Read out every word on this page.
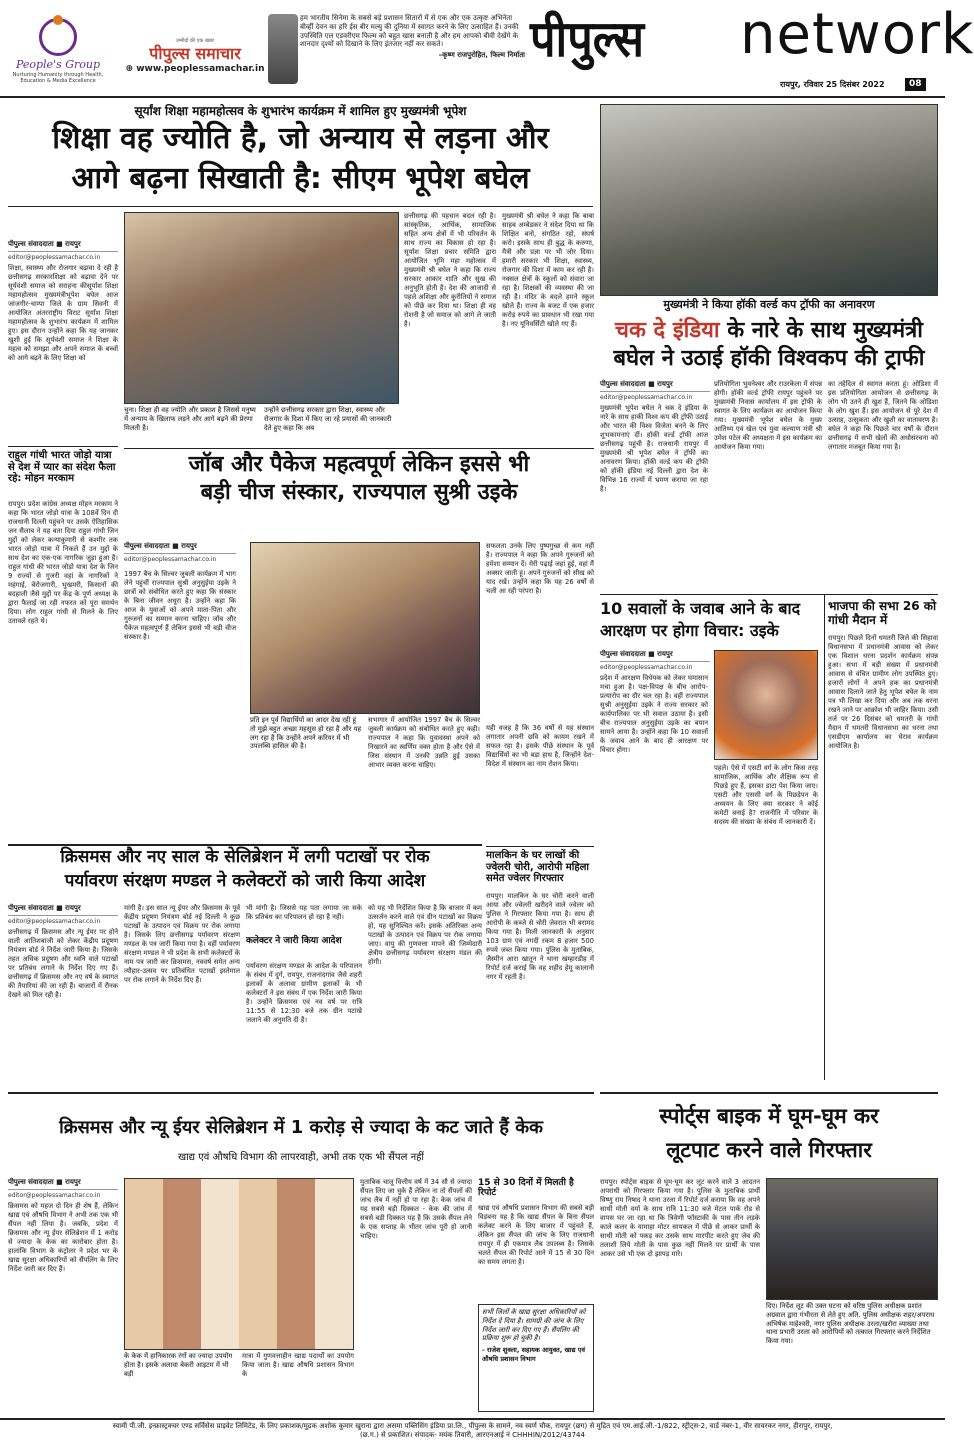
People's Group
Nurturing Humanity through Health, Education & Media Excellence
उम्मीदों की एक खबर
पीपुल्स समाचार
⊕ www.peoplessamachar.in
हम भारतीय सिनेमा के सबसे बड़े प्रशासन सितारों में से एक और एक उत्कृष्ट अभिनेता बीर्व्ही देवन का हरि ईस बीर मल्यु की दुनिया में स्वागत करने के लिए उत्साहित हैं। उनकी उपस्थिति एल एडवरीएम फिल्म को बहुत खास बनाती है और हम आपको बीवी देखेंगे के शानदार दृश्यों को दिखाने के लिए इंतजार नहीं कर सकते।
–कृष्ण राजपुरोहित, फिल्म निर्माता पीपुल्स network
रायपुर, रविवार 25 दिसंबर 2022	08
सूर्यांश शिक्षा महामहोत्सव के शुभारंभ कार्यक्रम में शामिल हुए मुख्यमंत्री भूपेश
शिक्षा वह ज्योति है, जो अन्याय से लड़ना और
आगे बढ़ना सिखाती है: सीएम भूपेश बघेल
पीपुल्स संवाददाता ■ रायपुर
editor@peoplessamachar.co.in
शिक्षा, स्वास्थ्य और रोजगार बढ़ावा दे रही है छत्तीसगढ़ सरकारशिक्षा को बढ़ावा देने पर सूर्यवंशी समाज को सराहना कीसूर्यांश शिक्षा महामहोत्सव मुख्यमंत्रीभूपेश बघेल आज जांजगीर-चाम्पा जिले के ग्राम सिवनी में आयोजित अंतरराष्ट्रीय विराट सूर्यांश शिक्षा महामहोत्सव के शुभारंभ कार्यक्रम में शामिल हुए। इस दौरान उन्होंने कहा कि यह जानकर खुशी हुई कि सूर्यवंशी समाज ने शिक्षा के महत्व को समझा और अपने समाज के बच्चों को आगे बढ़ने के लिए शिक्षा को
चुना। शिक्षा ही वह ज्योति और प्रकाश है जिससे मनुष्य में अन्याय के खिलाफ लड़ने और आगे बढ़ने की प्रेरणा मिलती है।
उन्होंने छत्तीसगढ़ सरकार द्वारा शिक्षा, स्वास्थ्य और रोजगार के दिशा में किए जा रहे प्रयासों की जानकारी देते हुए कहा कि अब
छत्तीसगढ़ की पहचान बदल रही है। सांस्कृतिक, आर्थिक, सामाजिक सहित अन्य क्षेत्रों में भी परिवर्तन के साथ राज्य का विकास हो रहा है। सूर्यांश शिक्षा प्रचार समिति द्वारा आयोजित भूमि महा महोत्सव में मुख्यमंत्री श्री बघेल ने कहा कि राज्य सरकार आकार शाति और सुख की अनुभूति होती है। देश की आजादी से पहले अशिक्षा और कुरीतियों ने समाज को पीछे कर दिया था। शिक्षा ही वह रोशनी है जो समाज को आगे ले जाती है।
मुख्यमंत्री श्री बघेल ने कहा कि बाबा साहब अम्बेडकर ने संदेश दिया था कि शिक्षित बनो, संगठित रहो, संघर्ष करो। इसके साथ ही बुद्ध के करुणा, मैत्री और प्रज्ञा पर भी जोर दिया। हमारी सरकार भी शिक्षा, स्वास्थ्य, रोजगार की दिशा में काम कर रही है। नक्सल क्षेत्रों के स्कूलों को संवारा जा रहा है। शिक्षकों की व्यवस्था की जा रही है। मंदिर के बदले हमने स्कूल खोले हैं। राज्य के बजट में एक हजार करोड़ रुपये का प्रावधान भी रखा गया है। नए यूनिवर्सिटी खोले गए हैं।
मुख्यमंत्री ने किया हॉकी वर्ल्ड कप ट्रॉफी का अनावरण
चक दे इंडिया के नारे के साथ मुख्यमंत्री
बघेल ने उठाई हॉकी विश्वकप की ट्राफी
पीपुल्स संवाददाता ■ रायपुर
editor@peoplessamachar.co.in
मुख्यमंत्री भूपेश बघेल ने चक दे इंडिया के नारे के साथ हाकी विश्व कप की ट्रॉफी उठाई और भारत की विश्व विजेता बनने के लिए शुभकामनाएं दीं। हॉकी वर्ल्ड ट्रॉफी आज छत्तीसगढ़ पहुंची है। राजधानी रायपुर में मुख्यमंत्री श्री भूपेश बघेल ने ट्रॉफी का अनावरण किया। हॉकी वर्ल्ड कप की ट्रॉफी को हॉकी इंडिया नई दिल्ली द्वारा देश के विभिन्न 16 राज्यों में भ्रमण कराया जा रहा है।
प्रतियोगिता भुवनेश्वर और राउरकेला में संपन्न होगी। हॉकी वर्ल्ड ट्रॉफी रायपुर पहुंचने पर मुख्यमंत्री निवास कार्यालय में इस ट्रॉफी के स्वागत के लिए कार्यक्रम का आयोजन किया गया। मुख्यमंत्री भूपेश बघेल के मुख्य आतिथ्य एवं खेल एवं युवा कल्याण मंत्री श्री उमेश पटेल की अध्यक्षता में इस कार्यक्रम का आयोजन किया गया।
का तहेदिल से स्वागत करता हूं। ओडिशा में इस प्रतियोगिता आयोजन से छत्तीसगढ़ के लोग भी उतने ही खुश हैं, जितने कि ओडिशा के लोग खुश हैं। इस आयोजन से पूरे देश में उत्साह, उत्सुकता और खुशी का वातावरण है। बघेल ने कहा कि पिछले चार वर्षों के दौरान छत्तीसगढ़ में सभी खेलों की अधोसंरचना को लगातार मजबूत किया गया है।
राहुल गांधी भारत जोड़ो यात्रा से देश में प्यार का संदेश फैला रहे: मोहन मरकाम
रायपुर। प्रदेश कांग्रेस अध्यक्ष मोहन मरकाम ने कहा कि भारत जोड़ो यात्रा के 108वें दिन दी राजधानी दिल्ली पहुंचने पर उसके ऐतिहासिक जन सैलाब ने यह बता दिया राहुल गांधी जिन मुद्दों को लेकर कन्याकुमारी से कश्मीर तक भारत जोड़ो यात्रा में निकले हैं उन मुद्दों के साथ देश का एक-एक नागरिक जुड़ा हुआ है। राहुल गांधी की भारत जोड़ो यात्रा देश के जिन 9 राज्यों से गुजरी वहां के नागरिकों ने महंगाई, बेरोजगारी, भुखमरी, किसानों की बदहाली जैसे मुद्दों पर केंद्र के पूर्ण अध्यक्ष के द्वारा फैलाई जा रही नफरत को पूरा समर्थन दिया। लोग राहुल गांधी से मिलने के लिए उतावले रहते थे।
जॉब और पैकेज महत्वपूर्ण लेकिन इससे भी
बड़ी चीज संस्कार, राज्यपाल सुश्री उइके
पीपुल्स संवाददाता ■ रायपुर
editor@peoplessamachar.co.in
1997 बैच के सिल्वर जुबली कार्यक्रम में भाग लेने पहुंचीं राज्यपाल सुश्री अनुसुईया उइके ने छात्रों को संबोधित करते हुए कहा कि संस्कार के बिना जीवन अधूरा है। उन्होंने कहा कि आज के युवाओं को अपने माता-पिता और गुरुजनों का सम्मान करना चाहिए। जॉब और पैकेज महत्वपूर्ण हैं लेकिन इससे भी बड़ी चीज संस्कार है।
प्रति इन पूर्व विद्यार्थियों का आदर देख रही हूं तो मुझे बहुत अच्छा महसूस हो रहा है और यह लग रहा है कि उन्होंने अपने करियर में भी उपलब्धि हासिल की है।
सभागार में आयोजित 1997 बैच के सिल्वर जुबली कार्यक्रम को संबोधित करते हुए कही। राज्यपाल ने कहा कि युवावस्था अपने को निखारने का स्वर्णिम वक्त होता है और ऐसे में जिस संस्थान में उनकी उन्नति हुई उसका आभार व्यक्त करना चाहिए।
सफलता उनके लिए पुष्पगुच्छ से कम नहीं है। राज्यपाल ने कहा कि अपने गुरुजनों को हमेशा सम्मान दें। मेरी पढ़ाई जहां हुई, वहां मैं अक्सर जाती हूं। अपने गुरुजनों को सीख को याद रखें। उन्होंने कहा कि यह 26 वर्षों से चली आ रही परंपरा है।
यही वजह है कि 36 वर्षों से यह संस्थान लगातार अपनी छवि को कायम रखने में सफल रहा है। इसके पीछे संस्थान के पूर्व विद्यार्थियों का भी बड़ा हाथ है, जिन्होंने देश-विदेश में संस्थान का नाम रोशन किया।
10 सवालों के जवाब आने के बाद
आरक्षण पर होगा विचार: उइके
पीपुल्स संवाददाता ■ रायपुर
editor@peoplessamachar.co.in
प्रदेश में आरक्षण विधेयक को लेकर घमासान मचा हुआ है। पक्ष-विपक्ष के बीच आरोप-प्रत्यारोप का दौर चल रहा है। वहीं राज्यपाल सुश्री अनुसुईया उइके ने राज्य सरकार को कार्यपालिका पर भी सवाल उठाया है। इसी बीच राज्यपाल अनुसुईया उइके का बयान सामने आया है। उन्होंने कहा कि 10 सवालों के जवाब आने के बाद ही आरक्षण पर विचार होगा।
पहले। ऐसे में एसटी वर्ग के लोग किस तरह सामाजिक, आर्थिक और शैक्षिक रूप से पिछड़े हुए हैं, इसका डाटा पेश किया जाए। एसटी और एससी वर्ग के पिछड़ेपन के अध्ययन के लिए क्या सरकार ने कोई कमेटी बनाई है? राजनीति में परिवार के सदस्य की संख्या के संबंध में जानकारी दें।
भाजपा की सभा 26 को गांधी मैदान में
रायपुर। पिछले दिनों धमतरी जिले की सिहावा विधानसभा में प्रधानमंत्री आवास को लेकर एक विशाल धरना प्रदर्शन कार्यक्रम संपन्न हुआ। सभा में बड़ी संख्या में प्रधानमंत्री आवास से वंचित ग्रामीण लोग उपस्थित हुए। हजारों लोगों ने अपने हक का प्रधानमंत्री आवास दिलाने जाते हेतु भूपेश बघेल के नाम पत्र भी लिखा कर दिया और अब तक धरना रखने जाने पर आक्रोश भी जाहिर किया। उसी तर्ज पर 26 दिसंबर को धमतरी के गांधी मैदान में धमतरी विधानसभा का धरना तथा एसडीएम कार्यालय का घेराव कार्यक्रम आयोजित है।
मालकिन के घर लाखों की ज्वेलरी चोरी, आरोपी महिला समेत ज्वेलर गिरफ्तार
रायपुर। मालकिन के घर चोरी करने वाली आया और ज्वेलरी खरीदने वाले ज्वेलर को पुलिस ने गिरफ्तार किया गया है। साथ ही आरोपी के कब्जे से चोरी जेवरात भी बरामद किया गया है। मिली जानकारी के अनुसार 103 ग्राम एवं नगदी रकम 8 हजार 500 रुपये जब्त किया गया। पुलिस के मुताबिक, जैस्मीन आरा खातून ने थाना खम्हारडीह में रिपोर्ट दर्ज कराई कि वह शहीद हेमू कालानी नगर में रहती है।
क्रिसमस और नए साल के सेलिब्रेशन में लगी पटाखों पर रोक
पर्यावरण संरक्षण मण्डल ने कलेक्टरों को जारी किया आदेश
पीपुल्स संवाददाता ■ रायपुर
editor@peoplessamachar.co.in
छत्तीसगढ़ में क्रिसमस और न्यू ईयर पर होने वाली आतिशबाजी को लेकर केंद्रीय प्रदूषण नियंत्रण बोर्ड ने निर्देश जारी किया है। जिसके तहत अधिक प्रदूषण और ध्वनि वाले पटाखों पर प्रतिबंध लगाने के निर्देश दिए गए हैं। छत्तीसगढ़ में क्रिसमस और नए वर्ष के स्वागत की तैयारियां की जा रही हैं। बाजारों में रौनक देखने को मिल रही है।
मांगी है। इस साल न्यू ईयर और क्रिसमस के पूर्व केंद्रीय प्रदूषण नियंत्रण बोर्ड नई दिल्ली ने कुछ पटाखों के उत्पादन एवं विक्रय पर रोक लगाया है। जिसके लिए छत्तीसगढ़ पर्यावरण संरक्षण मण्डल के पत्र जारी किया गया है। वहीं पर्यावरण संरक्षण मण्डल ने भी प्रदेश के सभी कलेक्टरों के नाम पत्र जारी कर क्रिसमस, नववर्ष समेत अन्य त्यौहार-उत्सव पर प्रतिबंधित पटाखों इस्तेमाल पर रोक लगाने के निर्देश दिए हैं।
भी मांगी है। जिससे यह पता लगाया जा सके कि प्रतिबंध का परिपालन हो रहा है नहीं।
कलेक्टर ने जारी किया आदेश
पर्यावरण संरक्षण मण्डल के आदेश के परिपालन के संबंध में दुर्ग, रायपुर, राजनांदगांव जैसे शहरी इलाकों के अलावा ग्रामीण इलाकों के भी कलेक्टरों ने इस संबंध में एक निर्देश जारी किया है। उन्होंने क्रिसमस एवं नव वर्ष पर रात्रि 11:55 से 12:30 बजे तक ग्रीन पटाखे जलाने की अनुमति दी है।
को यह भी निर्देशित किया है कि बाजार में कम उत्सर्जन करने वाले एवं ग्रीन पटाखों का विक्रय हो, यह सुनिश्चित करें। इसके अतिरिक्त अन्य पटाखों के उत्पादन एवं विक्रय पर रोक लगाया जाए। वायु की गुणवत्ता मापने की जिम्मेदारी क्षेत्रीय छत्तीसगढ़ पर्यावरण संरक्षण मंडल की होगी।
क्रिसमस और न्यू ईयर सेलिब्रेशन में 1 करोड़ से ज्यादा के कट जाते हैं केक
खाद्य एवं औषधि विभाग की लापरवाही, अभी तक एक भी सैंपल नहीं
पीपुल्स संवाददाता ■ रायपुर
editor@peoplessamachar.co.in
क्रिसमस को महज दो दिन ही शेष हैं, लेकिन खाद्य एवं औषधि विभाग ने अभी तक एक भी सैंपल नहीं लिया है। जबकि, प्रदेश में क्रिसमस और न्यू ईयर सेलिब्रेशन में 1 करोड़ से ज्यादा के केक का कारोबार होता है। हालांकि विभाग के कंट्रोलर ने प्रदेश भर के खाद्य सुरक्षा अधिकारियों को सैंपलिंग के लिए निर्देश जारी कर दिए हैं।
के केक में हानिकारक रंगों का ज्यादा उपयोग होता है। इसके अलावा बेकरी आइटम में भी बड़ी
मात्रा में गुणवत्ताहीन खाद्य पदार्थों का उपयोग किया जाता है। खाद्य औषधि प्रशासन विभाग के
मुताबिक चालू वित्तीय वर्ष में 34 सौ से ज्यादा सैंपल लिए जा चुके हैं लेकिन ना तो सैंपलों की जांच लैब में नहीं हो पा रहा है। केक जांच में यह सबसे बड़ी दिक्कत - केक की जांच में सबसे बड़ी दिक्कत यह है कि उसके सैंपल लेने के एक सप्ताह के भीतर जांच पूरी हो जानी चाहिए।
15 से 30 दिनों में मिलती है रिपोर्ट
खाद्य एवं औषधि प्रशासन विभाग की सबसे बड़ी विडंबना यह है कि खाद्य सैंपल के बिना सैंपल कलेक्ट करने के लिए बाजार में पहुंचते हैं, लेकिन इस सैंपल की जांच के लिए राजधानी रायपुर में ही एकमात्र लैब उपलब्ध है। जिसके चलते सैंपल की रिपोर्ट आने में 15 से 30 दिन का समय लगता है।
सभी जिलों के खाद्य सुरक्षा अधिकारियों को निर्देश दे दिया है। सामग्री की जांच के लिए निर्देश जारी कर दिए गए हैं। सैंपलिंग की प्रक्रिया शुरू हो चुकी है।
- राजेश शुक्ला, सहायक आयुक्त, खाद्य एवं औषधि प्रशासन विभाग
स्पोर्ट्स बाइक में घूम-घूम कर
लूटपाट करने वाले गिरफ्तार
रायपुर। स्पोर्ट्स बाइक से घूम-घूम कर लूट करने वाले 3 आदतन अपराधी को गिरफ्तार किया गया है। पुलिस के मुताबिक प्रार्थी विष्णु राम निषाद ने थाना उरला में रिपोर्ट दर्ज कराया कि वह अपने साथी मोती वर्मा के साथ रात्रि 11:30 बजे मेटल पार्क रोड से वापस घर जा रहा था कि त्रिवेणी फॉस्टाकी के पास तीन लड़के काले कलर के यामाहा मोटर सायकल में पीछे से आकर प्रार्थी के साथी मोती को पकड़ कर उसके साथ मारपीट करते हुए जेब की तलाशी लिये मोती के पास कुछ नहीं मिलने पर प्रार्थी के पास आकर उसे भी एक दो झापड़ मारे।
दिए। निर्देश लूट की उक्त घटना को वरिष्ठ पुलिस अधीक्षक प्रशांत अग्रवाल द्वारा गंभीरता से लेते हुए अति. पुलिस अधीक्षक शहर/अपराध अभिषेक माहेश्वरी, नगर पुलिस अधीक्षक उरला/खरोरा व्याख्या तथा थाना प्रभारी उरला को आरोपियों को तत्काल गिरफ्तार करने निर्देशित किया गया।
स्वामी पी.जी. इन्फ्रास्ट्रक्चर एण्ड सर्विसेस प्राइवेट लिमिटेड, के लिए प्रकाशक/मुद्रक अशोक कुमार खुराना द्वारा असमा पब्लिसिंग इंडिया प्रा.लि., पीपुल्स के सामने, नव स्वर्ण चौक, रायपुर (छग) से मुद्रित एवं एम.आई.जी.-1/822, स्ट्रीट्स-2, वार्ड नंबर-1, वीर सावरकर नगर, हीरापुर, रायपुर,
(छ.ग.) से प्रकाशित। संपादक- मयंक तिवारी, आरएनआई नं CHHHIN/2012/43744
